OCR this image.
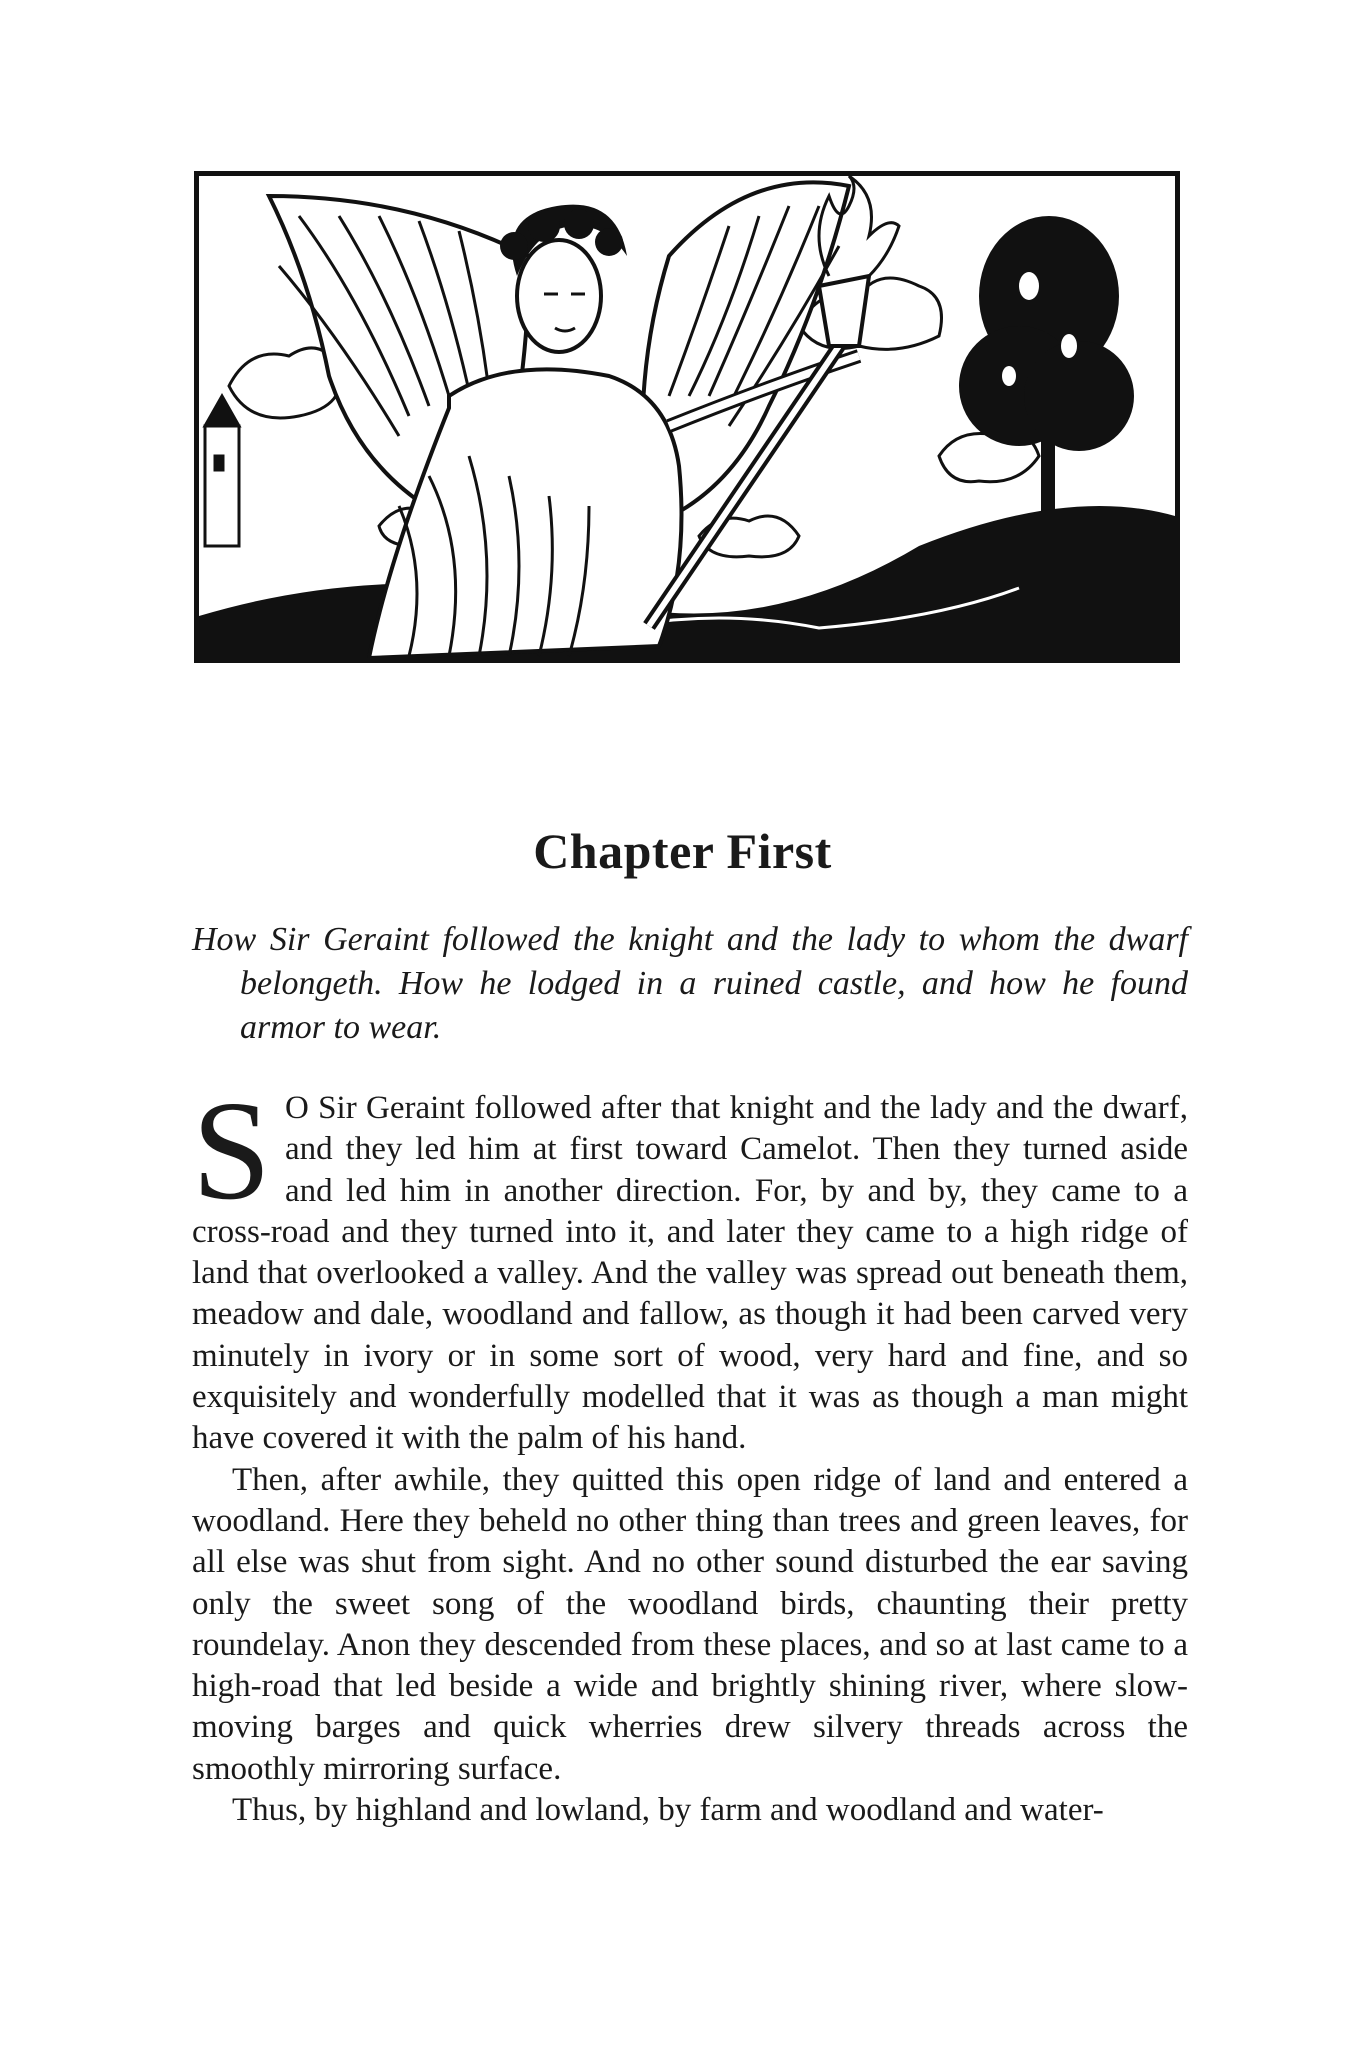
Chapter First

How Sir Geraint followed the knight and the lady to whom the dwarf belongeth. How he lodged in a ruined castle, and how he found armor to wear.

S O Sir Geraint followed after that knight and the lady and the dwarf, and they led him at first toward Camelot. Then they turned aside and led him in another direction. For, by and by, they came to a cross-road and they turned into it, and later they came to a high ridge of land that overlooked a valley. And the valley was spread out beneath them, meadow and dale, woodland and fallow, as though it had been carved very minutely in ivory or in some sort of wood, very hard and fine, and so exquisitely and wonderfully modelled that it was as though a man might have covered it with the palm of his hand.

Then, after awhile, they quitted this open ridge of land and entered a woodland. Here they beheld no other thing than trees and green leaves, for all else was shut from sight. And no other sound disturbed the ear saving only the sweet song of the woodland birds, chaunting their pretty roundelay. Anon they descended from these places, and so at last came to a high-road that led beside a wide and brightly shining river, where slow-moving barges and quick wherries drew silvery threads across the smoothly mirroring surface.

Thus, by highland and lowland, by farm and woodland and water-
